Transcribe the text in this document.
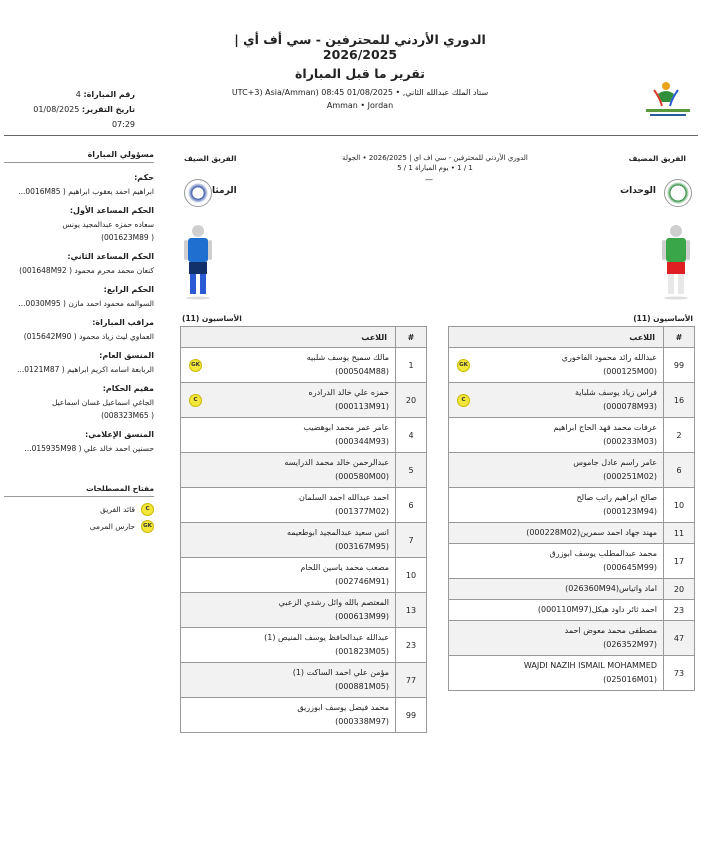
الدوري الأردني للمحترفين - سي أف أي |
2026/2025
تقرير ما قبل المباراة
ستاد الملك عبدالله الثاني, • UTC+3) Asia/Amman) 08:45 01/08/2025
Amman • Jordan
رقم المباراة: 4
تاريخ التقرير: 01/08/2025
07:29
مسؤولي المباراة
حكم:
ابراهيم احمد يعقوب ابراهيم ( 0016M85...
الحكم المساعد الأول:
سعاده حمزه عبدالمجيد يونس
( 001623M89)
الحكم المساعد الثاني:
كنعان محمد محرم محمود ( 001648M92)
الحكم الرابع:
السوالمه محمود احمد مازن ( 0030M95...
مراقب المباراة:
العماوي ليث زياد محمود ( 015642M90)
المنسق العام:
الربابعة اسامه اكريم ابراهيم ( 0121M87...
مقيم الحكام:
الجاغي اسماعيل غسان اسماعيل
( 008323M65)
المنسق الإعلامي:
حسنين احمد خالد علي ( 015935M98...
مفتاح المصطلحات
C
قائد الفريق
GK
حارس المرمى
الفريق المضيف
الفريق الضيف	الدوري الأردني للمحترفين - سي اف اي | 2026/2025 • الجولة
1 / 1 • يوم المباراة 1 / 5
—
الوحدات
الرمثا
الأساسيون (11)
الأساسيون (11)
#	اللاعب
99	عبدالله رائد محمود الفاخوري
(000125M00)
GK

16	فراس زياد يوسف شلباية
(000078M93)
C

2	عرفات محمد فهد الحاج ابراهيم
(000233M03)

6	عامر راسم عادل جاموس
(000251M02)

10	صالح ابراهيم راتب صالح
(000123M94)

11	مهند جهاد احمد سمرين(000228M02)

17	محمد عبدالمطلب يوسف ابوزرق
(000645M99)

20	اماد واتياس(026360M94)

23	احمد ثائر داود هيكل(000110M97)

47	مصطفى محمد معوض احمد
(026352M97)

73	WAJDI NAZIH ISMAIL MOHAMMED
(025016M01)
#	اللاعب
1	مالك سميح يوسف شلبيه
(000504M88)
GK

20	حمزه علي خالد الدرادره
(000113M91)
C

4	عامر عمر محمد ابوهضيب
(000344M93)

5	عبدالرحمن خالد محمد الدرايسه
(000580M00)

6	احمد عبدالله احمد السلمان
(001377M02)

7	انس سعيد عبدالمجيد ابوطعيمه
(003167M95)

10	مصعب محمد ياسين اللحام
(002746M91)

13	المعتصم بالله وائل رشدي الزعبي
(000613M99)

23	عبدالله عبدالحافظ يوسف المنيص (1)
(001823M05)

77	مؤمن علي احمد الساكت (1)
(000881M05)

99	محمد فيصل يوسف ابوزريق
(000338M97)
